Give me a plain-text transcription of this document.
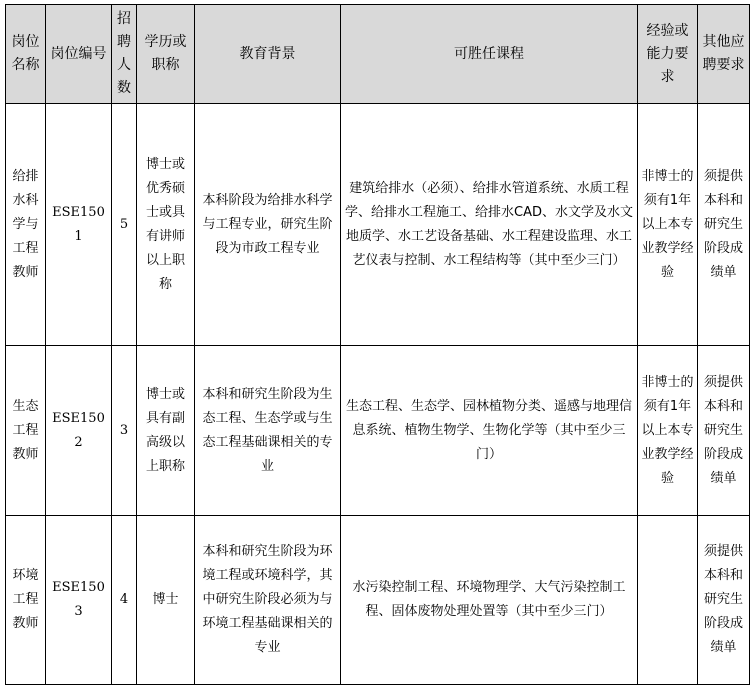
岗位名称	岗位编号	招聘人数	学历或职称	教育背景	可胜任课程	经验或能力要求	其他应聘要求
给排水科学与工程教师	ESE1501	5	博士或优秀硕士或具有讲师以上职称	本科阶段为给排水科学与工程专业，研究生阶段为市政工程专业	建筑给排水（必须）、给排水管道系统、水质工程学、给排水工程施工、给排水CAD、水文学及水文地质学、水工艺设备基础、水工程建设监理、水工艺仪表与控制、水工程结构等（其中至少三门）	非博士的须有1年以上本专业教学经验	须提供本科和研究生阶段成绩单
生态工程教师	ESE1502	3	博士或具有副高级以上职称	本科和研究生阶段为生态工程、生态学或与生态工程基础课相关的专业	生态工程、生态学、园林植物分类、遥感与地理信息系统、植物生物学、生物化学等（其中至少三门）	非博士的须有1年以上本专业教学经验	须提供本科和研究生阶段成绩单
环境工程教师	ESE1503	4	博士	本科和研究生阶段为环境工程或环境科学，其中研究生阶段必须为与环境工程基础课相关的专业	水污染控制工程、环境物理学、大气污染控制工程、固体废物处理处置等（其中至少三门）		须提供本科和研究生阶段成绩单
